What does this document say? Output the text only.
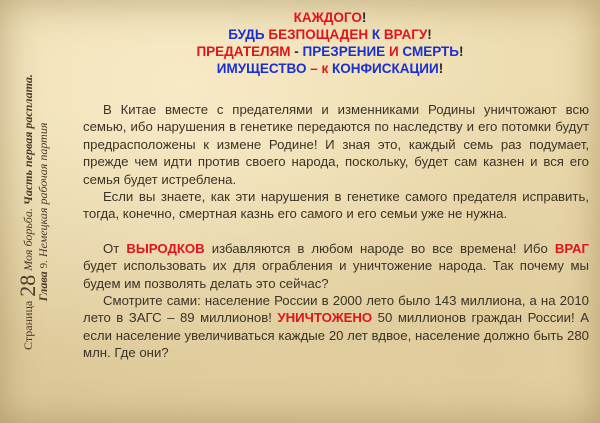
Страница28Моя борьба. Часть первая расплата.
Глава 9. Немецкая рабочая партия
КАЖДОГО!
БУДЬ БЕЗПОЩАДЕН К ВРАГУ!
ПРЕДАТЕЛЯМ - ПРЕЗРЕНИЕ И СМЕРТЬ!
ИМУЩЕСТВО – к КОНФИСКАЦИИ!

В Китае вместе с предателями и изменниками Родины уничтожают всю семью, ибо нарушения в генетике передаются по наследству и его потомки будут предрасположены к измене Родине! И зная это, каждый семь раз подумает, прежде чем идти против своего народа, поскольку, будет сам казнен и вся его семья будет истреблена.

Если вы знаете, как эти нарушения в генетике самого предателя исправить, тогда, конечно, смертная казнь его самого и его семьи уже не нужна.

От ВЫРОДКОВ избавляются в любом народе во все времена! Ибо ВРАГ будет использовать их для ограбления и уничтожение народа. Так почему мы будем им позволять делать это сейчас?

Смотрите сами: население России в 2000 лето было 143 миллиона, а на 2010 лето в ЗАГС – 89 миллионов! УНИЧТОЖЕНО 50 миллионов граждан России! А если население увеличиваться каждые 20 лет вдвое, население должно быть 280 млн. Где они?
